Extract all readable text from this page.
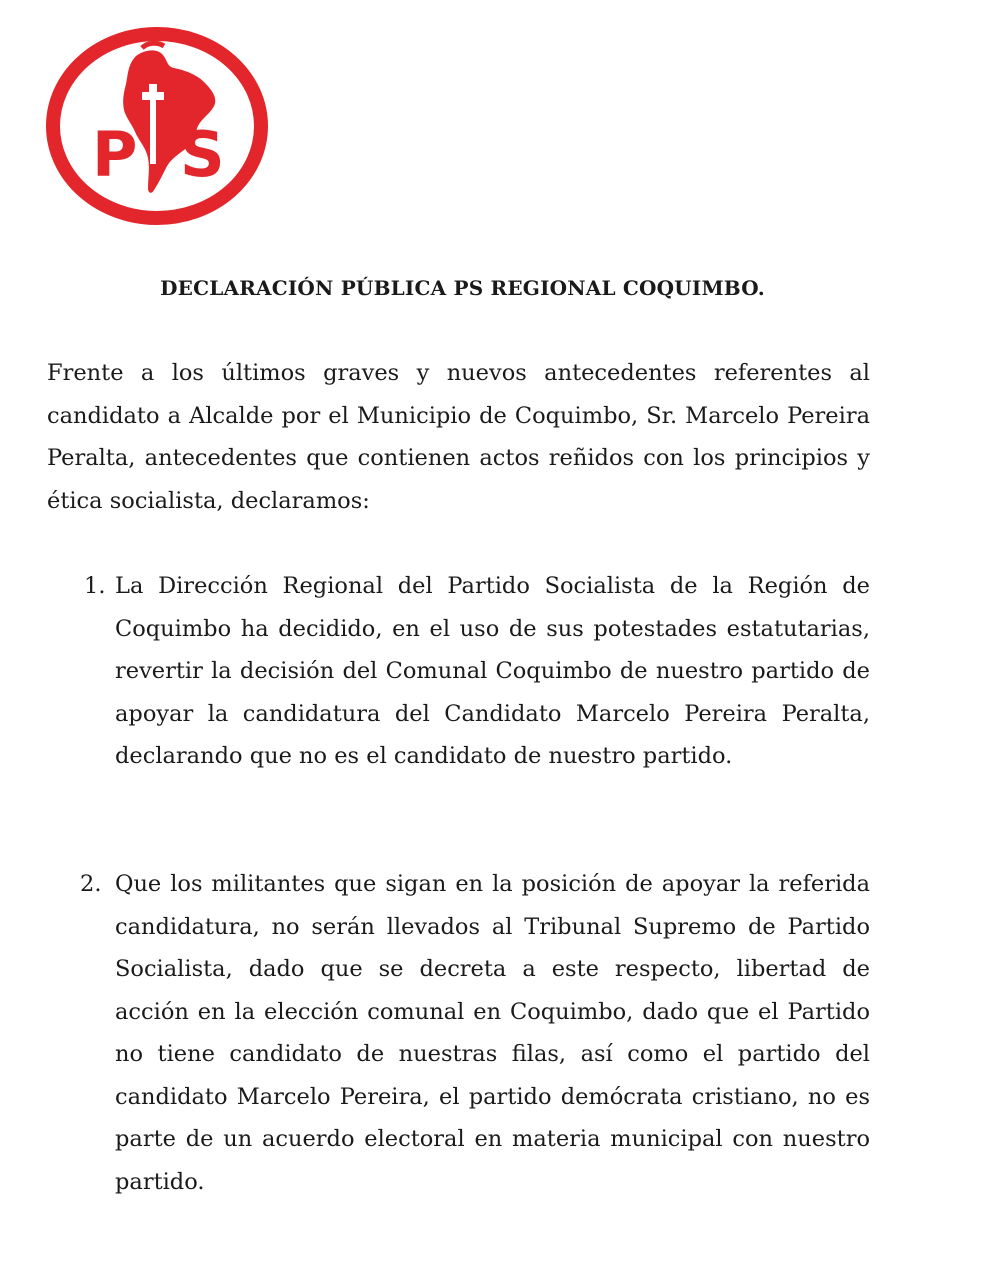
P S
DECLARACIÓN PÚBLICA PS REGIONAL COQUIMBO.

Frente a los últimos graves y nuevos antecedentes referentes al candidato a Alcalde por el Municipio de Coquimbo, Sr. Marcelo Pereira Peralta, antecedentes que contienen actos reñidos con los principios y ética socialista, declaramos:

1. La Dirección Regional del Partido Socialista de la Región de Coquimbo ha decidido, en el uso de sus potestades estatutarias, revertir la decisión del Comunal Coquimbo de nuestro partido de apoyar la candidatura del Candidato Marcelo Pereira Peralta, declarando que no es el candidato de nuestro partido.

2. Que los militantes que sigan en la posición de apoyar la referida candidatura, no serán llevados al Tribunal Supremo de Partido Socialista, dado que se decreta a este respecto, libertad de acción en la elección comunal en Coquimbo, dado que el Partido no tiene candidato de nuestras filas, así como el partido del candidato Marcelo Pereira, el partido demócrata cristiano, no es parte de un acuerdo electoral en materia municipal con nuestro partido.
